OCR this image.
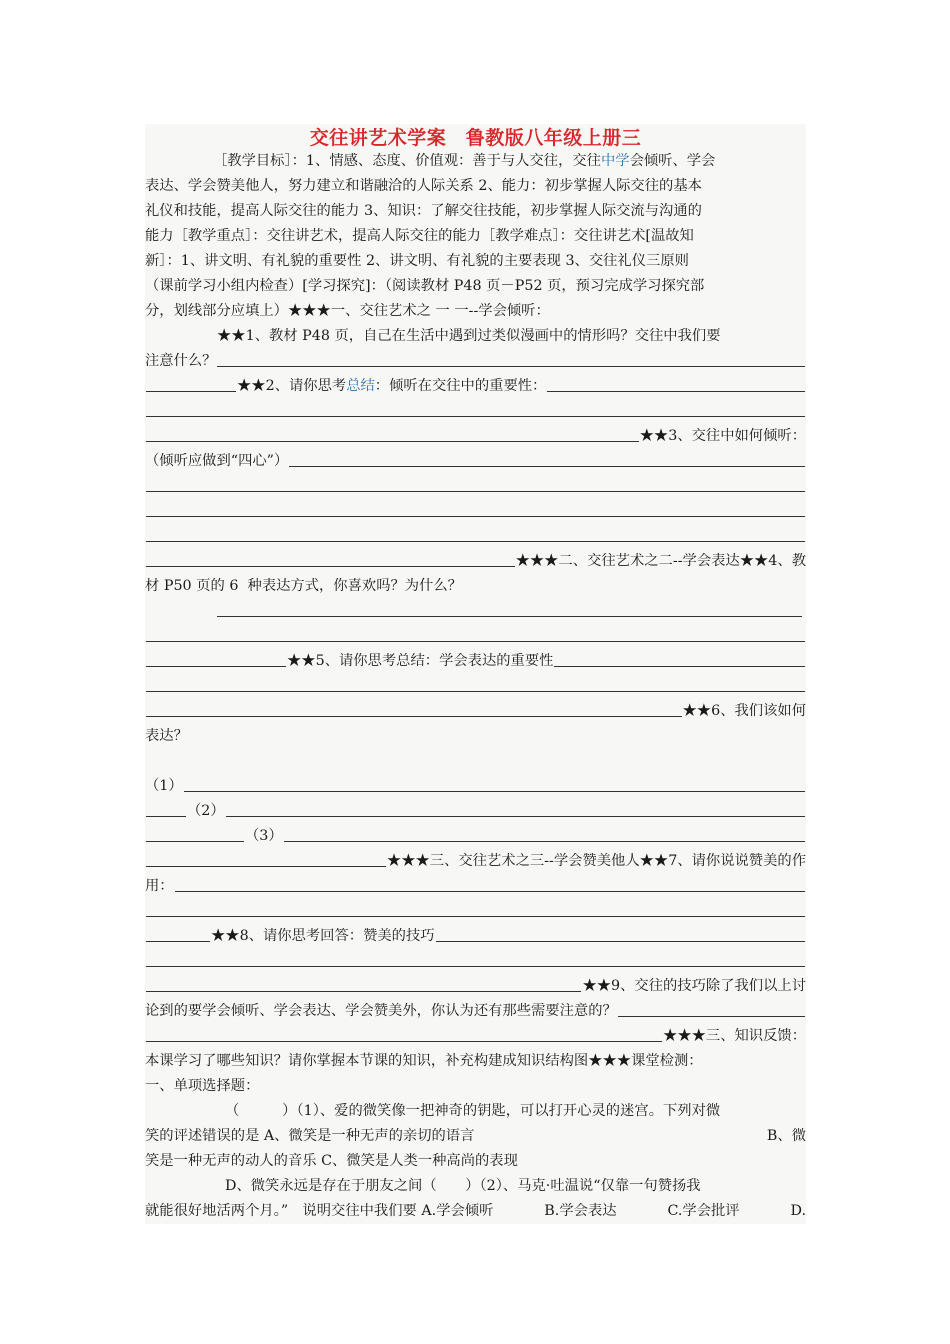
交往讲艺术学案　鲁教版八年级上册三
［教学目标］：1、情感、态度、价值观：善于与人交往，交往 中学 会倾听、学会
表达、学会赞美他人，努力建立和谐融洽的人际关系 2、能力：初步掌握人际交往的基本
礼仪和技能，提高人际交往的能力 3、知识：了解交往技能，初步掌握人际交流与沟通的
能力［教学重点］：交往讲艺术，提高人际交往的能力［教学难点］：交往讲艺术[温故知
新］：1、讲文明、有礼貌的重要性 2、讲文明、有礼貌的主要表现 3、交往礼仪三原则
（课前学习小组内检查）[学习探究]：（阅读教材 P48 页－P52 页，预习完成学习探究部
分，划线部分应填上）★★★一、交往艺术之 一 一--学会倾听：
★★1、教材 P48 页，自己在生活中遇到过类似漫画中的情形吗？交往中我们要
注意什么？
★★2、请你思考 总结 ：倾听在交往中的重要性：
★★3、交往中如何倾听：
（倾听应做到“四心”）
★★★二、交往艺术之二--学会表达★★4、教
材 P50 页的 6  种表达方式，你喜欢吗？为什么？
★★5、请你思考总结：学会表达的重要性
★★6、我们该如何
表达？
（1）
（2）
（3）
★★★三、交往艺术之三--学会赞美他人★★7、请你说说赞美的作
用：
★★8、请你思考回答：赞美的技巧
★★9、交往的技巧除了我们以上讨
论到的要学会倾听、学会表达、学会赞美外，你认为还有那些需要注意的？
★★★三、知识反馈：
本课学习了哪些知识？请你掌握本节课的知识，补充构建成知识结构图★★★课堂检测：
一、单项选择题：
（　　　）（1）、爱的微笑像一把神奇的钥匙，可以打开心灵的迷宫。下列对微
笑的评述错误的是 A、微笑是一种无声的亲切的语言	B、微
笑是一种无声的动人的音乐 C、微笑是人类一种高尚的表现
D、微笑永远是存在于朋友之间（　　）（2）、马克·吐温说“仅靠一句赞扬我
就能很好地活两个月。”　说明交往中我们要 A.学会倾听	B.学会表达	C.学会批评	D.
